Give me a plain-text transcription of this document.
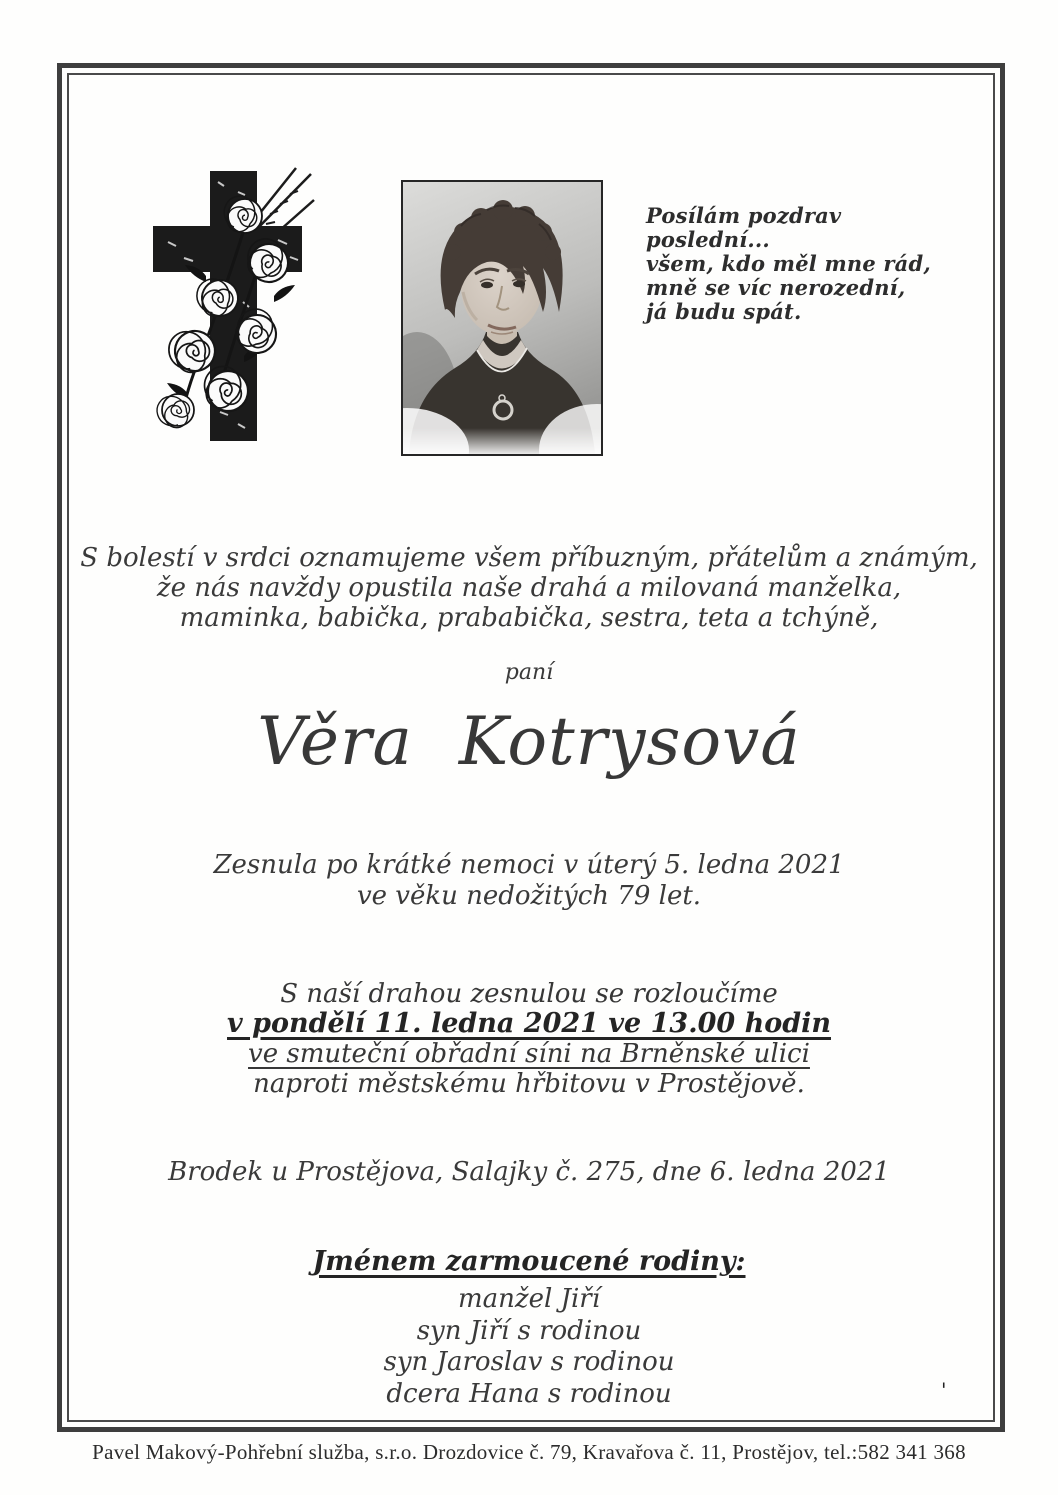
Posílám pozdrav poslední...
všem, kdo měl mne rád,
mně se víc nerozední,
já budu spát.
S bolestí v srdci oznamujeme všem příbuzným, přátelům a známým,
že nás navždy opustila naše drahá a milovaná manželka,
maminka, babička, prababička, sestra, teta a tchýně,
paní
Věra Kotrysová
Zesnula po krátké nemoci v úterý 5. ledna 2021
ve věku nedožitých 79 let.
S naší drahou zesnulou se rozloučíme
v pondělí 11. ledna 2021 ve 13.00 hodin
ve smuteční obřadní síni na Brněnské ulici
naproti městskému hřbitovu v Prostějově.
Brodek u Prostějova, Salajky č. 275, dne 6. ledna 2021
Jménem zarmoucené rodiny:
manžel Jiří
syn Jiří s rodinou
syn Jaroslav s rodinou
dcera Hana s rodinou	'
Pavel Makový-Pohřební služba, s.r.o. Drozdovice č. 79, Kravařova č. 11, Prostějov, tel.:582 341 368
